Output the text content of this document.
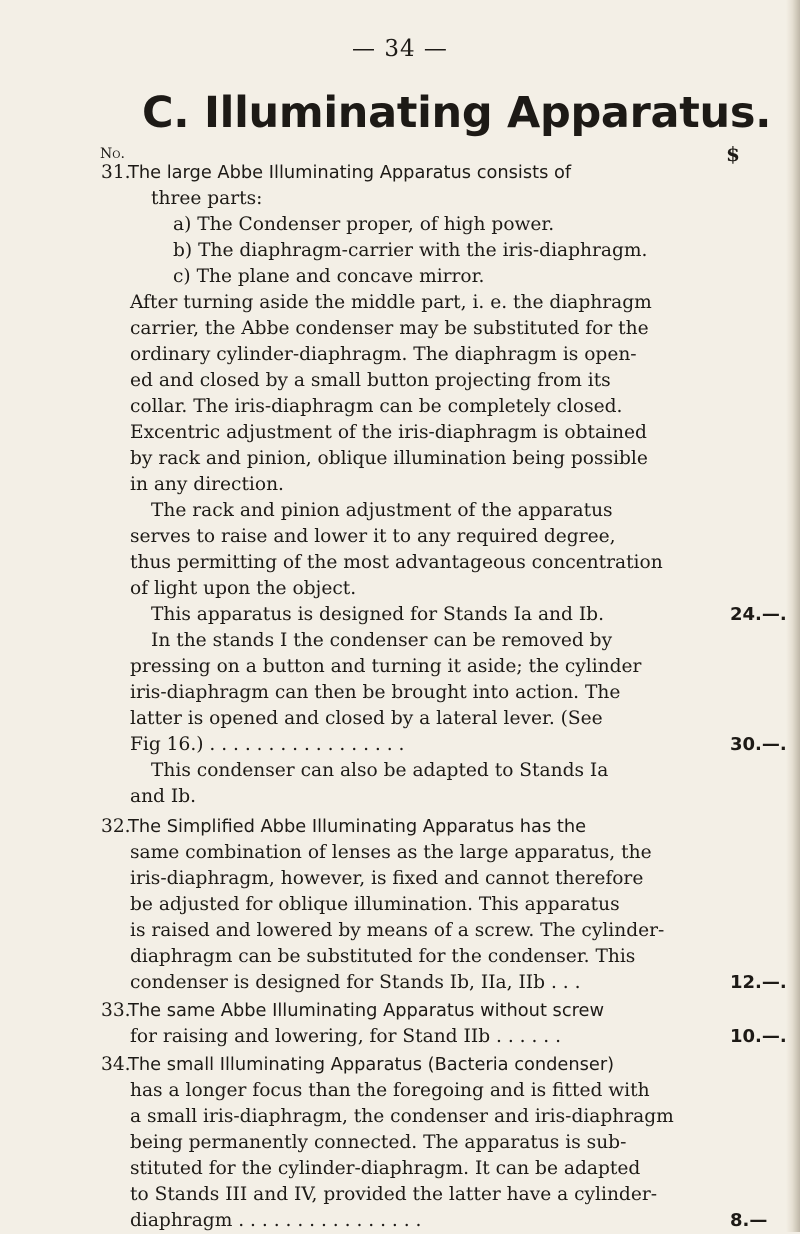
— 34 —
C. Illuminating Apparatus.
No.	$
31.
The large Abbe Illuminating Apparatus consists of
three parts:
a) The Condenser proper, of high power.
b) The diaphragm-carrier with the iris-diaphragm.
c) The plane and concave mirror.
After turning aside the middle part, i. e. the diaphragm
carrier, the Abbe condenser may be substituted for the
ordinary cylinder-diaphragm. The diaphragm is open-
ed and closed by a small button projecting from its
collar. The iris-diaphragm can be completely closed.
Excentric adjustment of the iris-diaphragm is obtained
by rack and pinion, oblique illumination being possible
in any direction.
The rack and pinion adjustment of the apparatus
serves to raise and lower it to any required degree,
thus permitting of the most advantageous concentration
of light upon the object.
This apparatus is designed for Stands Ia and Ib.	24.—.
In the stands I the condenser can be removed by
pressing on a button and turning it aside; the cylinder
iris-diaphragm can then be brought into action. The
latter is opened and closed by a lateral lever. (See
Fig 16.) . . . . . . . . . . . . . . . . .	30.—.
This condenser can also be adapted to Stands Ia
and Ib.
32.
The Simplified Abbe Illuminating Apparatus has the
same combination of lenses as the large apparatus, the
iris-diaphragm, however, is fixed and cannot therefore
be adjusted for oblique illumination. This apparatus
is raised and lowered by means of a screw. The cylinder-
diaphragm can be substituted for the condenser. This
condenser is designed for Stands Ib, IIa, IIb . . .	12.—.
33.
The same Abbe Illuminating Apparatus without screw
for raising and lowering, for Stand IIb . . . . . .	10.—.
34.
The small Illuminating Apparatus (Bacteria condenser)
has a longer focus than the foregoing and is fitted with
a small iris-diaphragm, the condenser and iris-diaphragm
being permanently connected. The apparatus is sub-
stituted for the cylinder-diaphragm. It can be adapted
to Stands III and IV, provided the latter have a cylinder-
diaphragm . . . . . . . . . . . . . . . .	8.—
